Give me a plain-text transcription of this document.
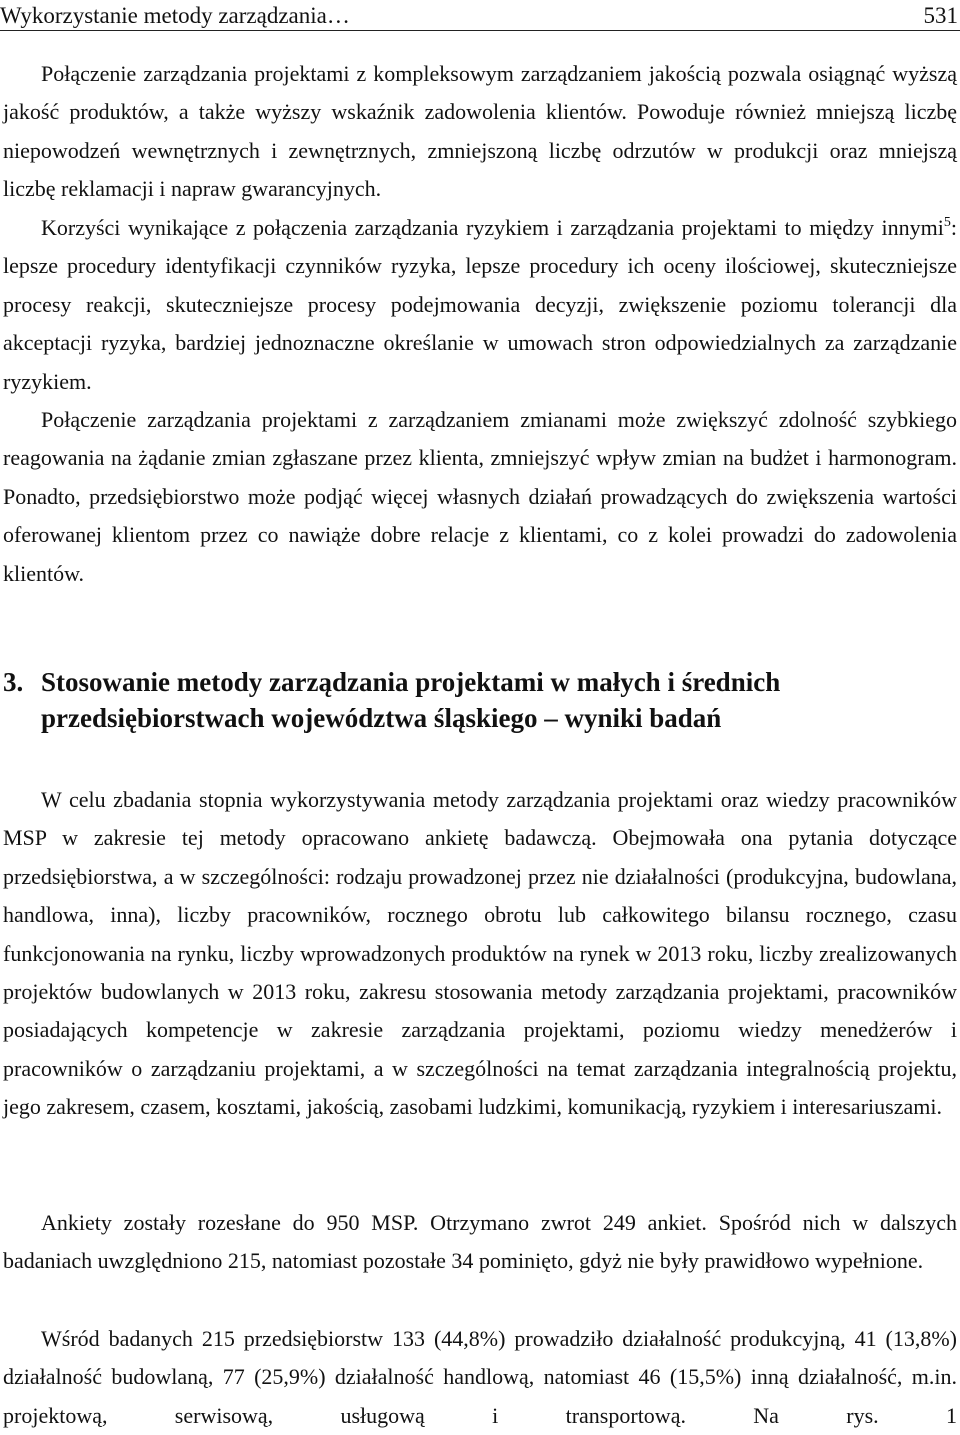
Wykorzystanie metody zarządzania…	531

Połączenie zarządzania projektami z kompleksowym zarządzaniem jakością pozwala osiągnąć wyższą jakość produktów, a także wyższy wskaźnik zadowolenia klientów. Powoduje również mniejszą liczbę niepowodzeń wewnętrznych i zewnętrznych, zmniejszoną liczbę odrzutów w produkcji oraz mniejszą liczbę reklamacji i napraw gwarancyjnych.

Korzyści wynikające z połączenia zarządzania ryzykiem i zarządzania projektami to między innymi$^5$: lepsze procedury identyfikacji czynników ryzyka, lepsze procedury ich oceny ilościowej, skuteczniejsze procesy reakcji, skuteczniejsze procesy podejmowania decyzji, zwiększenie poziomu tolerancji dla akceptacji ryzyka, bardziej jednoznaczne określanie w umowach stron odpowiedzialnych za zarządzanie ryzykiem.

Połączenie zarządzania projektami z zarządzaniem zmianami może zwiększyć zdolność szybkiego reagowania na żądanie zmian zgłaszane przez klienta, zmniejszyć wpływ zmian na budżet i harmonogram. Ponadto, przedsiębiorstwo może podjąć więcej własnych działań prowadzących do zwiększenia wartości oferowanej klientom przez co nawiąże dobre relacje z klientami, co z kolei prowadzi do zadowolenia klientów.

3. Stosowanie metody zarządzania projektami w małych i średnich
przedsiębiorstwach województwa śląskiego – wyniki badań

W celu zbadania stopnia wykorzystywania metody zarządzania projektami oraz wiedzy pracowników MSP w zakresie tej metody opracowano ankietę badawczą. Obejmowała ona pytania dotyczące przedsiębiorstwa, a w szczególności: rodzaju prowadzonej przez nie działalności (produkcyjna, budowlana, handlowa, inna), liczby pracowników, rocznego obrotu lub całkowitego bilansu rocznego, czasu funkcjonowania na rynku, liczby wprowadzonych produktów na rynek w 2013 roku, liczby zrealizowanych projektów budowlanych w 2013 roku, zakresu stosowania metody zarządzania projektami, pracowników posiadających kompetencje w zakresie zarządzania projektami, poziomu wiedzy menedżerów i pracowników o zarządzaniu projektami, a w szczególności na temat zarządzania integralnością projektu, jego zakresem, czasem, kosztami, jakością, zasobami ludzkimi, komunikacją, ryzykiem i interesariuszami.

Ankiety zostały rozesłane do 950 MSP. Otrzymano zwrot 249 ankiet. Spośród nich w dalszych badaniach uwzględniono 215, natomiast pozostałe 34 pominięto, gdyż nie były prawidłowo wypełnione.

Wśród badanych 215 przedsiębiorstw 133 (44,8%) prowadziło działalność produkcyjną, 41 (13,8%) działalność budowlaną, 77 (25,9%) działalność handlową, natomiast 46 (15,5%) inną działalność, m.in. projektową, serwisową, usługową i transportową. Na rys. 1
